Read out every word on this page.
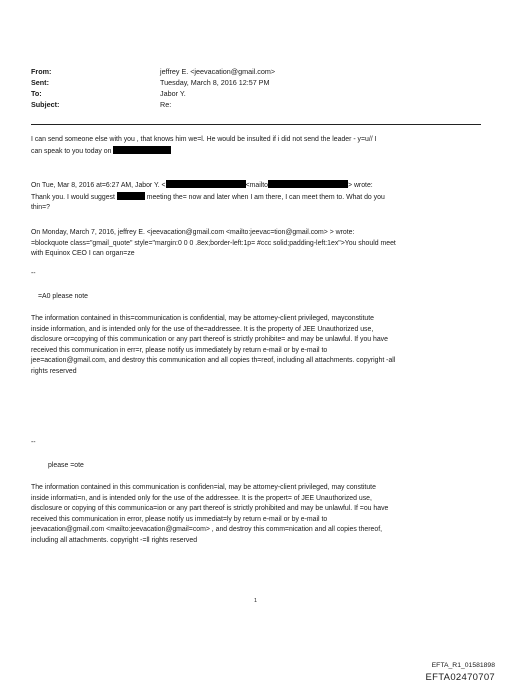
From:	jeffrey E. <jeevacation@gmail.com>
Sent:	Tuesday, March 8, 2016 12:57 PM
To:	Jabor Y.
Subject:	Re:
I can send someone else with you , that knows him we=l. He would be insulted if i did not send the leader - y=u// I
can speak to you today on
On Tue, Mar 8, 2016 at=6:27 AM, Jabor Y. <	<mailto	> wrote:
Thank you. I would suggest	meeting the= now and later when I am there, I can meet them to. What do you
thin=?
On Monday, March 7, 2016, jeffrey E. <jeevacation@gmail.com <mailto:jeevac=tion@gmail.com> > wrote:
=blockquote class="gmail_quote" style="margin:0 0 0 .8ex;border-left:1p= #ccc solid;padding-left:1ex">You should meet
with Equinox CEO I can organ=ze
--
=A0 please note
The information contained in this=communication is confidential, may be attorney-client privileged, mayconstitute
inside information, and is intended only for the use of the=addressee. It is the property of JEE Unauthorized use,
disclosure or=copying of this communication or any part thereof is strictly prohibite= and may be unlawful. If you have
received this communication in err=r, please notify us immediately by return e-mail or by e-mail to
jee=acation@gmail.com, and destroy this communication and all copies th=reof, including all attachments. copyright -all
rights reserved
--
please =ote
The information contained in this communication is confiden=ial, may be attorney-client privileged, may constitute
inside informati=n, and is intended only for the use of the addressee. It is the propert= of JEE Unauthorized use,
disclosure or copying of this communica=ion or any part thereof is strictly prohibited and may be unlawful. If =ou have
received this communication in error, please notify us immediat=ly by return e-mail or by e-mail to
jeevacation@gmail.com <mailto:jeevacation@gmail=com> , and destroy this comm=nication and all copies thereof,
including all attachments. copyright -=ll rights reserved
1
EFTA_R1_01581898
EFTA02470707
